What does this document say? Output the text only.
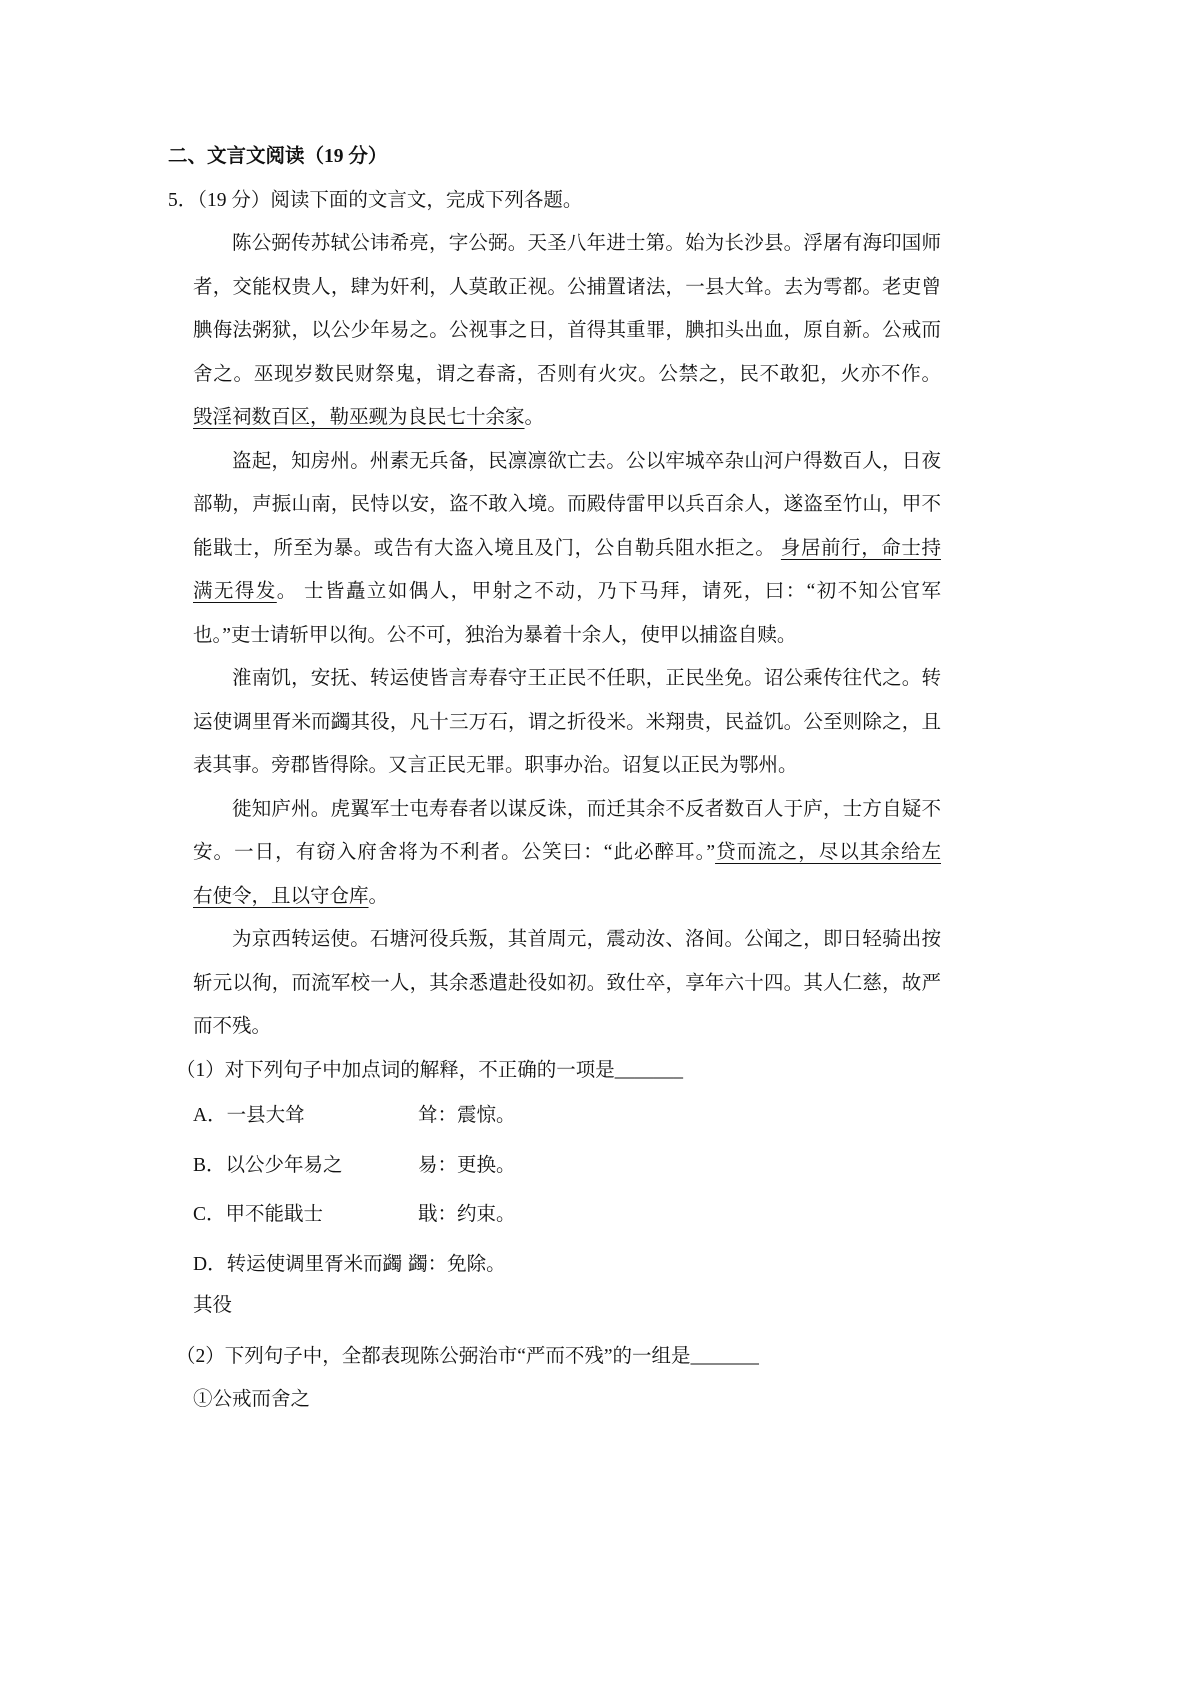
二、文言文阅读（19 分）
5．（19 分）阅读下面的文言文，完成下列各题。
陈公弼传苏轼公讳希亮，字公弼。天圣八年进士第。始为长沙县。浮屠有海印国师
者，交能权贵人，肆为奸利，人莫敢正视。公捕置诸法，一县大耸。去为雩都。老吏曾
腆侮法粥狱，以公少年易之。公视事之日，首得其重罪，腆扣头出血，原自新。公戒而
舍之。巫现岁数民财祭鬼，谓之春斋，否则有火灾。公禁之，民不敢犯，火亦不作。
毁淫祠数百区，勒巫觋为良民七十余家。
盗起，知房州。州素无兵备，民凛凛欲亡去。公以牢城卒杂山河户得数百人，日夜
部勒，声振山南，民恃以安，盗不敢入境。而殿侍雷甲以兵百余人，遂盗至竹山，甲不
能戢士，所至为暴。或告有大盗入境且及门，公自勒兵阻水拒之。 身居前行，命士持
满无得发。 士皆矗立如偶人，甲射之不动，乃下马拜，请死，曰：“初不知公官军
也。”吏士请斩甲以徇。公不可，独治为暴着十余人，使甲以捕盗自赎。
淮南饥，安抚、转运使皆言寿春守王正民不任职，正民坐免。诏公乘传往代之。转
运使调里胥米而蠲其役，凡十三万石，谓之折役米。米翔贵，民益饥。公至则除之，且
表其事。旁郡皆得除。又言正民无罪。职事办治。诏复以正民为鄂州。
徙知庐州。虎翼军士屯寿春者以谋反诛，而迁其余不反者数百人于庐，士方自疑不
安。一日，有窃入府舍将为不利者。公笑曰：“此必醉耳。”贷而流之，尽以其余给左
右使令，且以守仓库。
为京西转运使。石塘河役兵叛，其首周元，震动汝、洛间。公闻之，即日轻骑出按
斩元以徇，而流军校一人，其余悉遣赴役如初。致仕卒，享年六十四。其人仁慈，故严
而不残。
（1）对下列句子中加点词的解释，不正确的一项是_______
A．一县大耸	耸：震惊。
B．以公少年易之	易：更换。
C．甲不能戢士	戢：约束。
D．转运使调里胥米而蠲 蠲：免除。
其役
（2）下列句子中，全都表现陈公弼治市“严而不残”的一组是_______
①公戒而舍之
